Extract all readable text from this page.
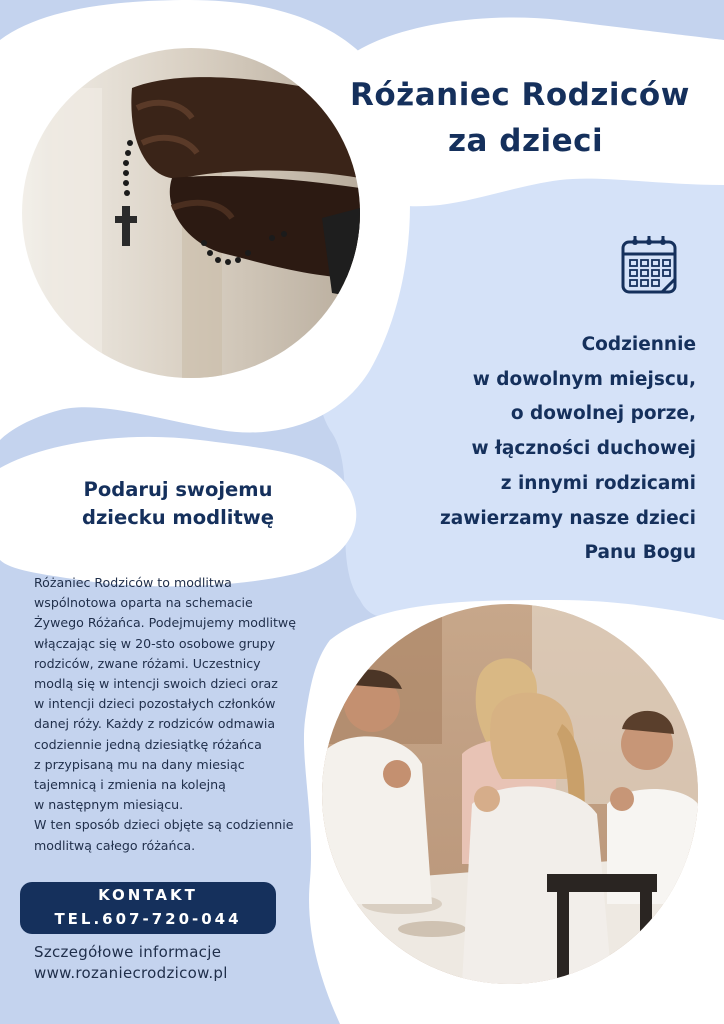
Różaniec Rodziców
za dzieci
Codziennie
w dowolnym miejscu,
o dowolnej porze,
w łączności duchowej
z innymi rodzicami
zawierzamy nasze dzieci
Panu Bogu
Podaruj swojemu
dziecku modlitwę
Różaniec Rodziców to modlitwa
wspólnotowa oparta na schemacie
Żywego Różańca. Podejmujemy modlitwę
włączając się w 20-sto osobowe grupy
rodziców, zwane różami. Uczestnicy
modlą się w intencji swoich dzieci oraz
w intencji dzieci pozostałych członków
danej róży. Każdy z rodziców odmawia
codziennie jedną dziesiątkę różańca
z przypisaną mu na dany miesiąc
tajemnicą i zmienia na kolejną
w następnym miesiącu.
W ten sposób dzieci objęte są codziennie
modlitwą całego różańca.
KONTAKT
TEL.607-720-044
Szczegółowe informacje
www.rozaniecrodzicow.pl
